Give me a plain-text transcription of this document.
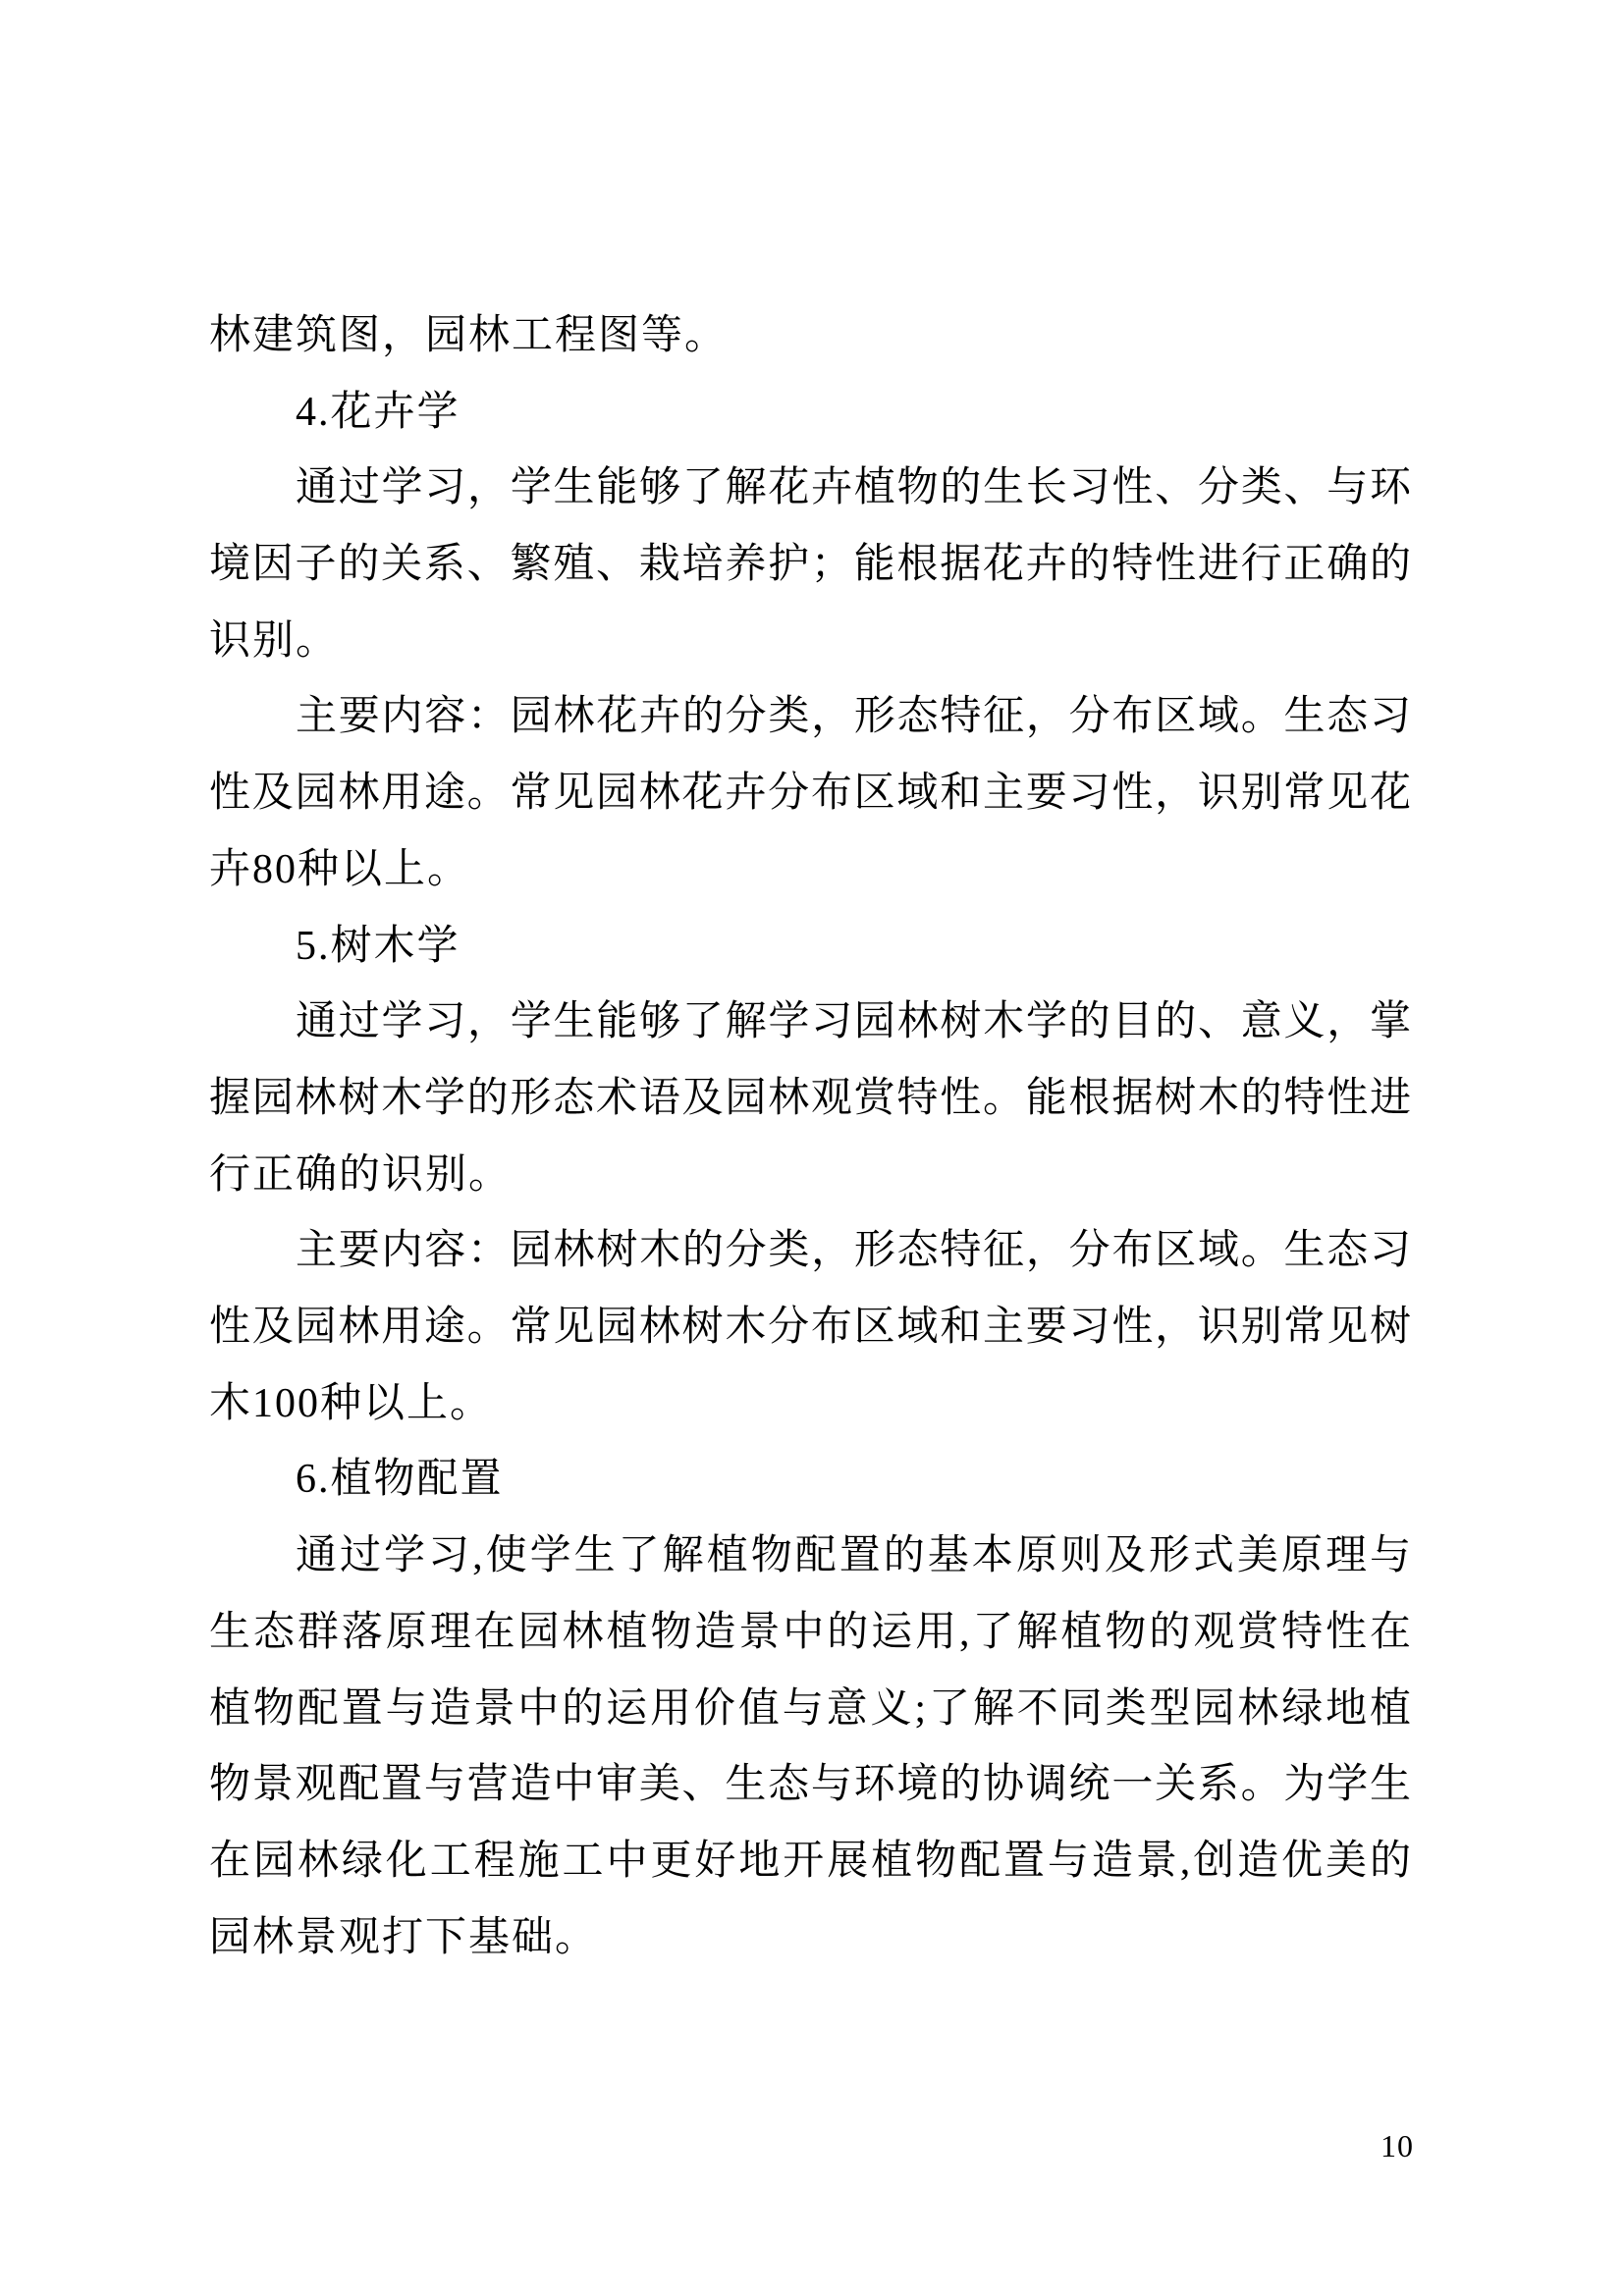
林建筑图，园林工程图等。
4.花卉学
通过学习，学生能够了解花卉植物的生长习性、分类、与环
境因子的关系、繁殖、栽培养护；能根据花卉的特性进行正确的
识别。
主要内容：园林花卉的分类，形态特征，分布区域。生态习
性及园林用途。常见园林花卉分布区域和主要习性，识别常见花
卉80种以上。
5.树木学
通过学习，学生能够了解学习园林树木学的目的、意义，掌
握园林树木学的形态术语及园林观赏特性。能根据树木的特性进
行正确的识别。
主要内容：园林树木的分类，形态特征，分布区域。生态习
性及园林用途。常见园林树木分布区域和主要习性，识别常见树
木100种以上。
6.植物配置
通过学习,使学生了解植物配置的基本原则及形式美原理与
生态群落原理在园林植物造景中的运用,了解植物的观赏特性在
植物配置与造景中的运用价值与意义;了解不同类型园林绿地植
物景观配置与营造中审美、生态与环境的协调统一关系。为学生
在园林绿化工程施工中更好地开展植物配置与造景,创造优美的
园林景观打下基础。
10
